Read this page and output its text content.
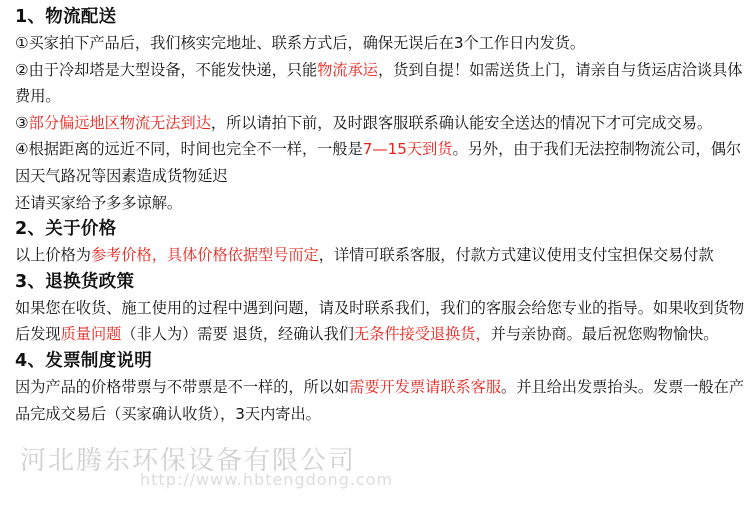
1、物流配送
①买家拍下产品后，我们核实完地址、联系方式后，确保无误后在3个工作日内发货。
②由于冷却塔是大型设备，不能发快递，只能物流承运，货到自提！如需送货上门，请亲自与货运店洽谈具体费用。
③部分偏远地区物流无法到达，所以请拍下前，及时跟客服联系确认能安全送达的情况下才可完成交易。
④根据距离的远近不同，时间也完全不一样，一般是7—15天到货。另外，由于我们无法控制物流公司，偶尔因天气路况等因素造成货物延迟
还请买家给予多多谅解。
2、关于价格
以上价格为参考价格，具体价格依据型号而定，详情可联系客服，付款方式建议使用支付宝担保交易付款
3、退换货政策
如果您在收货、施工使用的过程中遇到问题，请及时联系我们，我们的客服会给您专业的指导。如果收到货物后发现质量问题（非人为）需要 退货，经确认我们无条件接受退换货，并与亲协商。最后祝您购物愉快。
4、发票制度说明
因为产品的价格带票与不带票是不一样的，所以如需要开发票请联系客服。并且给出发票抬头。发票一般在产品完成交易后（买家确认收货），3天内寄出。
河北腾东环保设备有限公司
http://www.hbtengdong.com
